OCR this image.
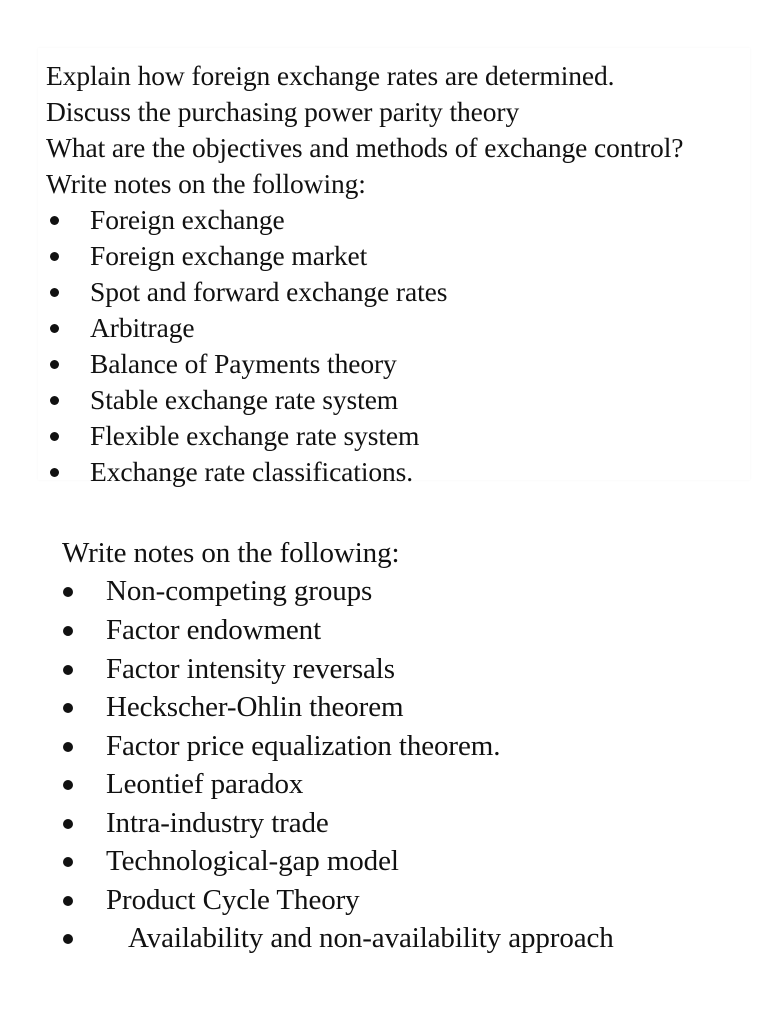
Explain how foreign exchange rates are determined.
Discuss the purchasing power parity theory
What are the objectives and methods of exchange control?
Write notes on the following:
Foreign exchange
Foreign exchange market
Spot and forward exchange rates
Arbitrage
Balance of Payments theory
Stable exchange rate system
Flexible exchange rate system
Exchange rate classifications.
Write notes on the following:
Non-competing groups
Factor endowment
Factor intensity reversals
Heckscher-Ohlin theorem
Factor price equalization theorem.
Leontief paradox
Intra-industry trade
Technological-gap model
Product Cycle Theory
Availability and non-availability approach
